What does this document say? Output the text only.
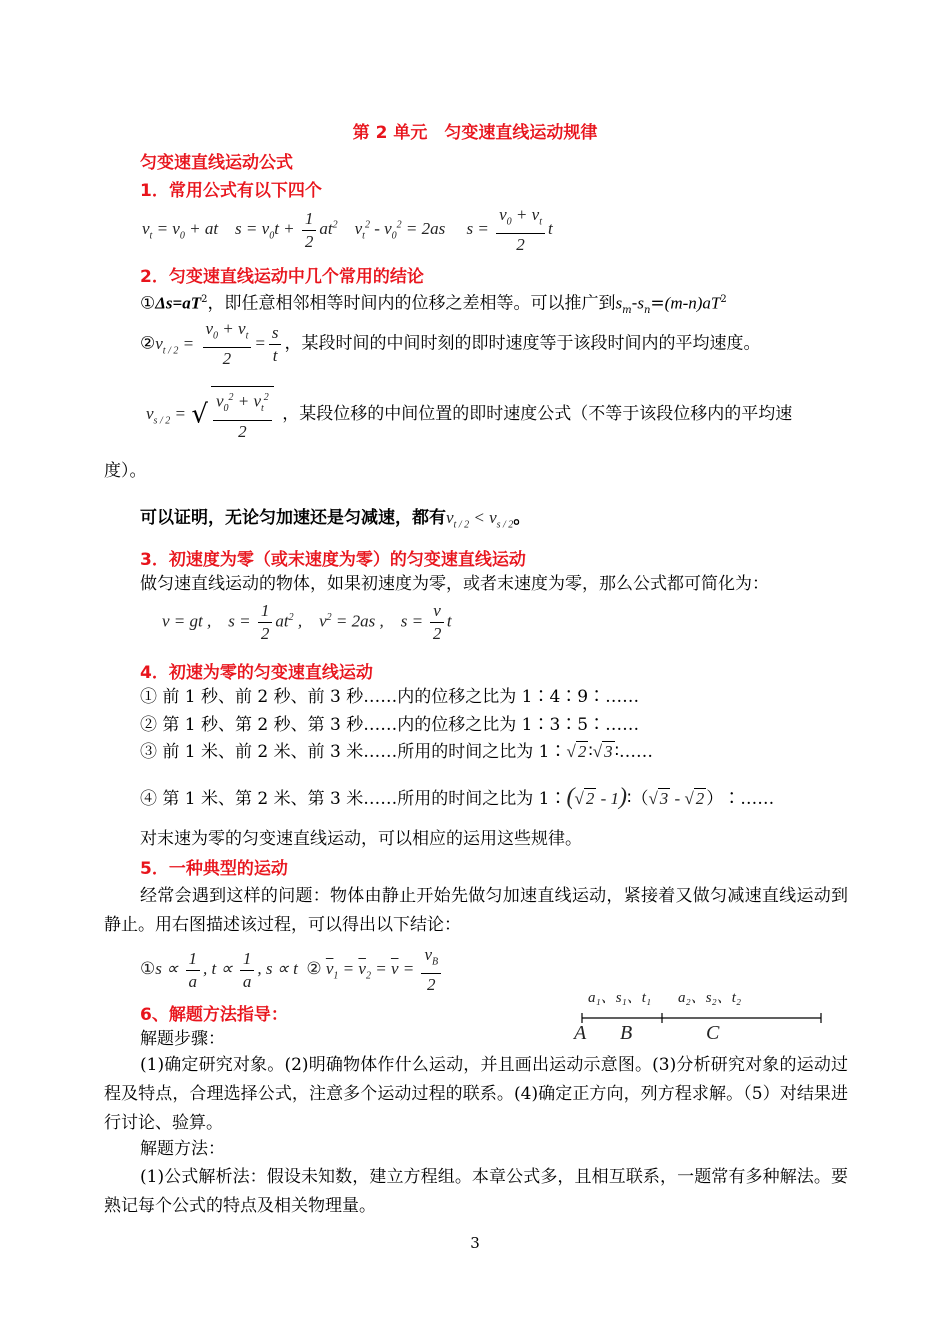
第 2 单元　匀变速直线运动规律
匀变速直线运动公式
1．常用公式有以下四个
$v_t = v_0$ + at    $s = v_0t + \frac{1}{2} at^2$    $v_t^2 - v_0^2 = 2as$     $s = \frac{v_0 + v_t}{2}$ t
2．匀变速直线运动中几个常用的结论
$①\Delta s=aT^2$，即任意相邻相等时间内的位移之差相等。可以推广到$s_m-s_n=(m-n)aT^2$
$②v_{t / 2} = \frac{v_0 + v_t}{2} = \frac{s}{t}$ ，某段时间的中间时刻的即时速度等于该段时间内的平均速度。
$v_{s / 2}$ = √ $\frac{v_0^2 + v_t^2}{2}$ ，某段位移的中间位置的即时速度公式（不等于该段位移内的平均速
度）。
可以证明，无论匀加速还是匀减速，都有$v_{t / 2} < v_{s / 2}$。
3．初速度为零（或末速度为零）的匀变速直线运动
做匀速直线运动的物体，如果初速度为零，或者末速度为零，那么公式都可简化为：
v = gt ,    $s = \frac{1}{2} at^2$ ,    $v^2 = 2as$ ,    $s = \frac{v}{2}$ t
4．初速为零的匀变速直线运动
① 前 1 秒、前 2 秒、前 3 秒……内的位移之比为 1∶4∶9∶……
② 第 1 秒、第 2 秒、第 3 秒……内的位移之比为 1∶3∶5∶……
③ 前 1 米、前 2 米、前 3 米……所用的时间之比为 1∶√ 2 ∶√ 3 ∶……
④ 第 1 米、第 2 米、第 3 米……所用的时间之比为 1∶(√ 2 - 1)∶（√ 3 - √ 2 ）∶……
对末速为零的匀变速直线运动，可以相应的运用这些规律。
5．一种典型的运动
经常会遇到这样的问题：物体由静止开始先做匀加速直线运动，紧接着又做匀减速直线运动到静止。用右图描述该过程，可以得出以下结论：
①s ∝ $\frac{1}{a}$ , $t \propto \frac{1}{a}$ , s ∝ t  ② $\overline{v}_1 = \overline{v}_2 = \overline{v} = \frac{v_B}{2}$
6、解题方法指导：
解题步骤：
(1)确定研究对象。(2)明确物体作什么运动，并且画出运动示意图。(3)分析研究对象的运动过程及特点，合理选择公式，注意多个运动过程的联系。(4)确定正方向，列方程求解。（5）对结果进行讨论、验算。
解题方法：
(1)公式解析法：假设未知数，建立方程组。本章公式多，且相互联系，一题常有多种解法。要熟记每个公式的特点及相关物理量。
a₁、s₁、t₁ a₂、s₂、t₂
A B	C
3
